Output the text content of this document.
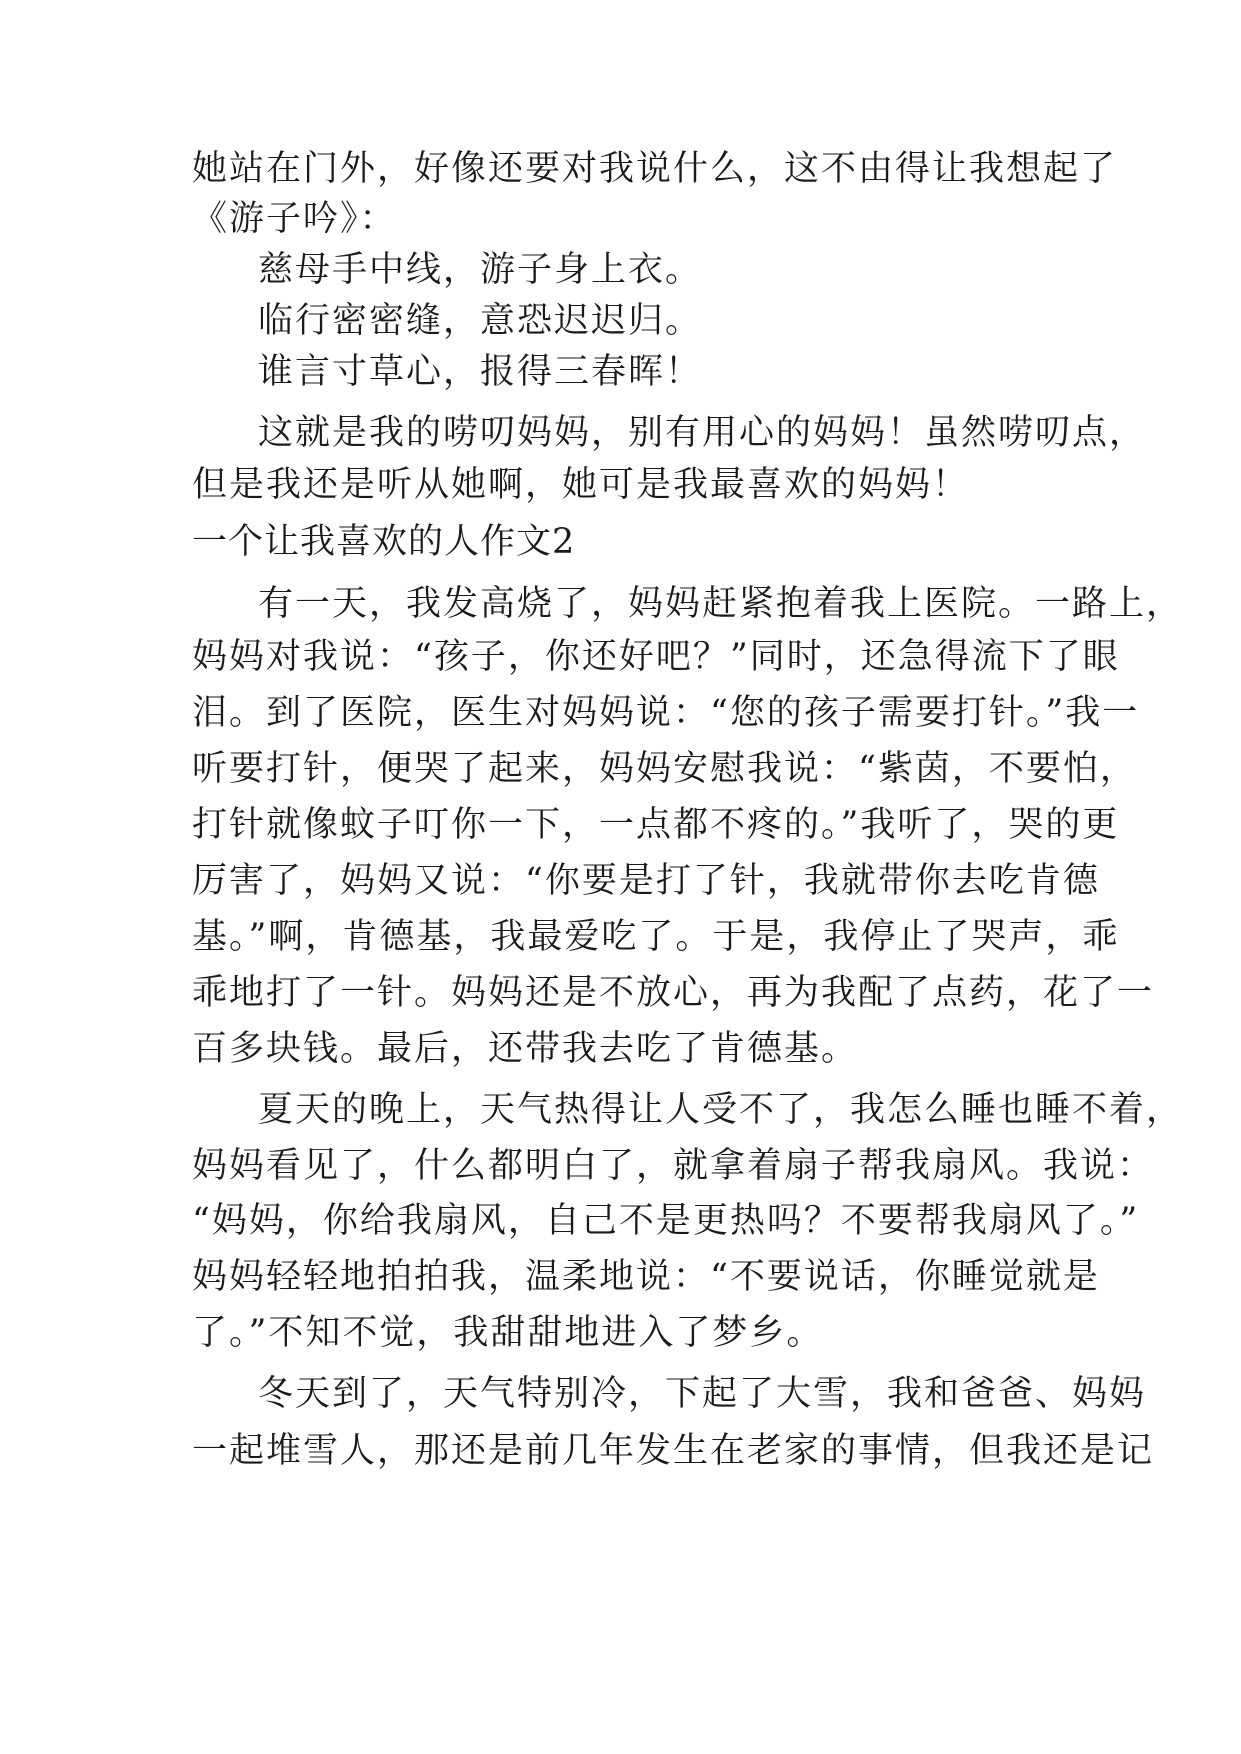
她站在门外，好像还要对我说什么，这不由得让我想起了
《游子吟》：
慈母手中线，游子身上衣。
临行密密缝，意恐迟迟归。
谁言寸草心，报得三春晖！
这就是我的唠叨妈妈，别有用心的妈妈！虽然唠叨点，
但是我还是听从她啊，她可是我最喜欢的妈妈！
一个让我喜欢的人作文2
有一天，我发高烧了，妈妈赶紧抱着我上医院。一路上，
妈妈对我说：“孩子，你还好吧？”同时，还急得流下了眼
泪。到了医院，医生对妈妈说：“您的孩子需要打针。”我一
听要打针，便哭了起来，妈妈安慰我说：“紫茵，不要怕，
打针就像蚊子叮你一下，一点都不疼的。”我听了，哭的更
厉害了，妈妈又说：“你要是打了针，我就带你去吃肯德
基。”啊，肯德基，我最爱吃了。于是，我停止了哭声，乖
乖地打了一针。妈妈还是不放心，再为我配了点药，花了一
百多块钱。最后，还带我去吃了肯德基。
夏天的晚上，天气热得让人受不了，我怎么睡也睡不着，
妈妈看见了，什么都明白了，就拿着扇子帮我扇风。我说：
“妈妈，你给我扇风，自己不是更热吗？不要帮我扇风了。”
妈妈轻轻地拍拍我，温柔地说：“不要说话，你睡觉就是
了。”不知不觉，我甜甜地进入了梦乡。
冬天到了，天气特别冷，下起了大雪，我和爸爸、妈妈
一起堆雪人，那还是前几年发生在老家的事情，但我还是记
